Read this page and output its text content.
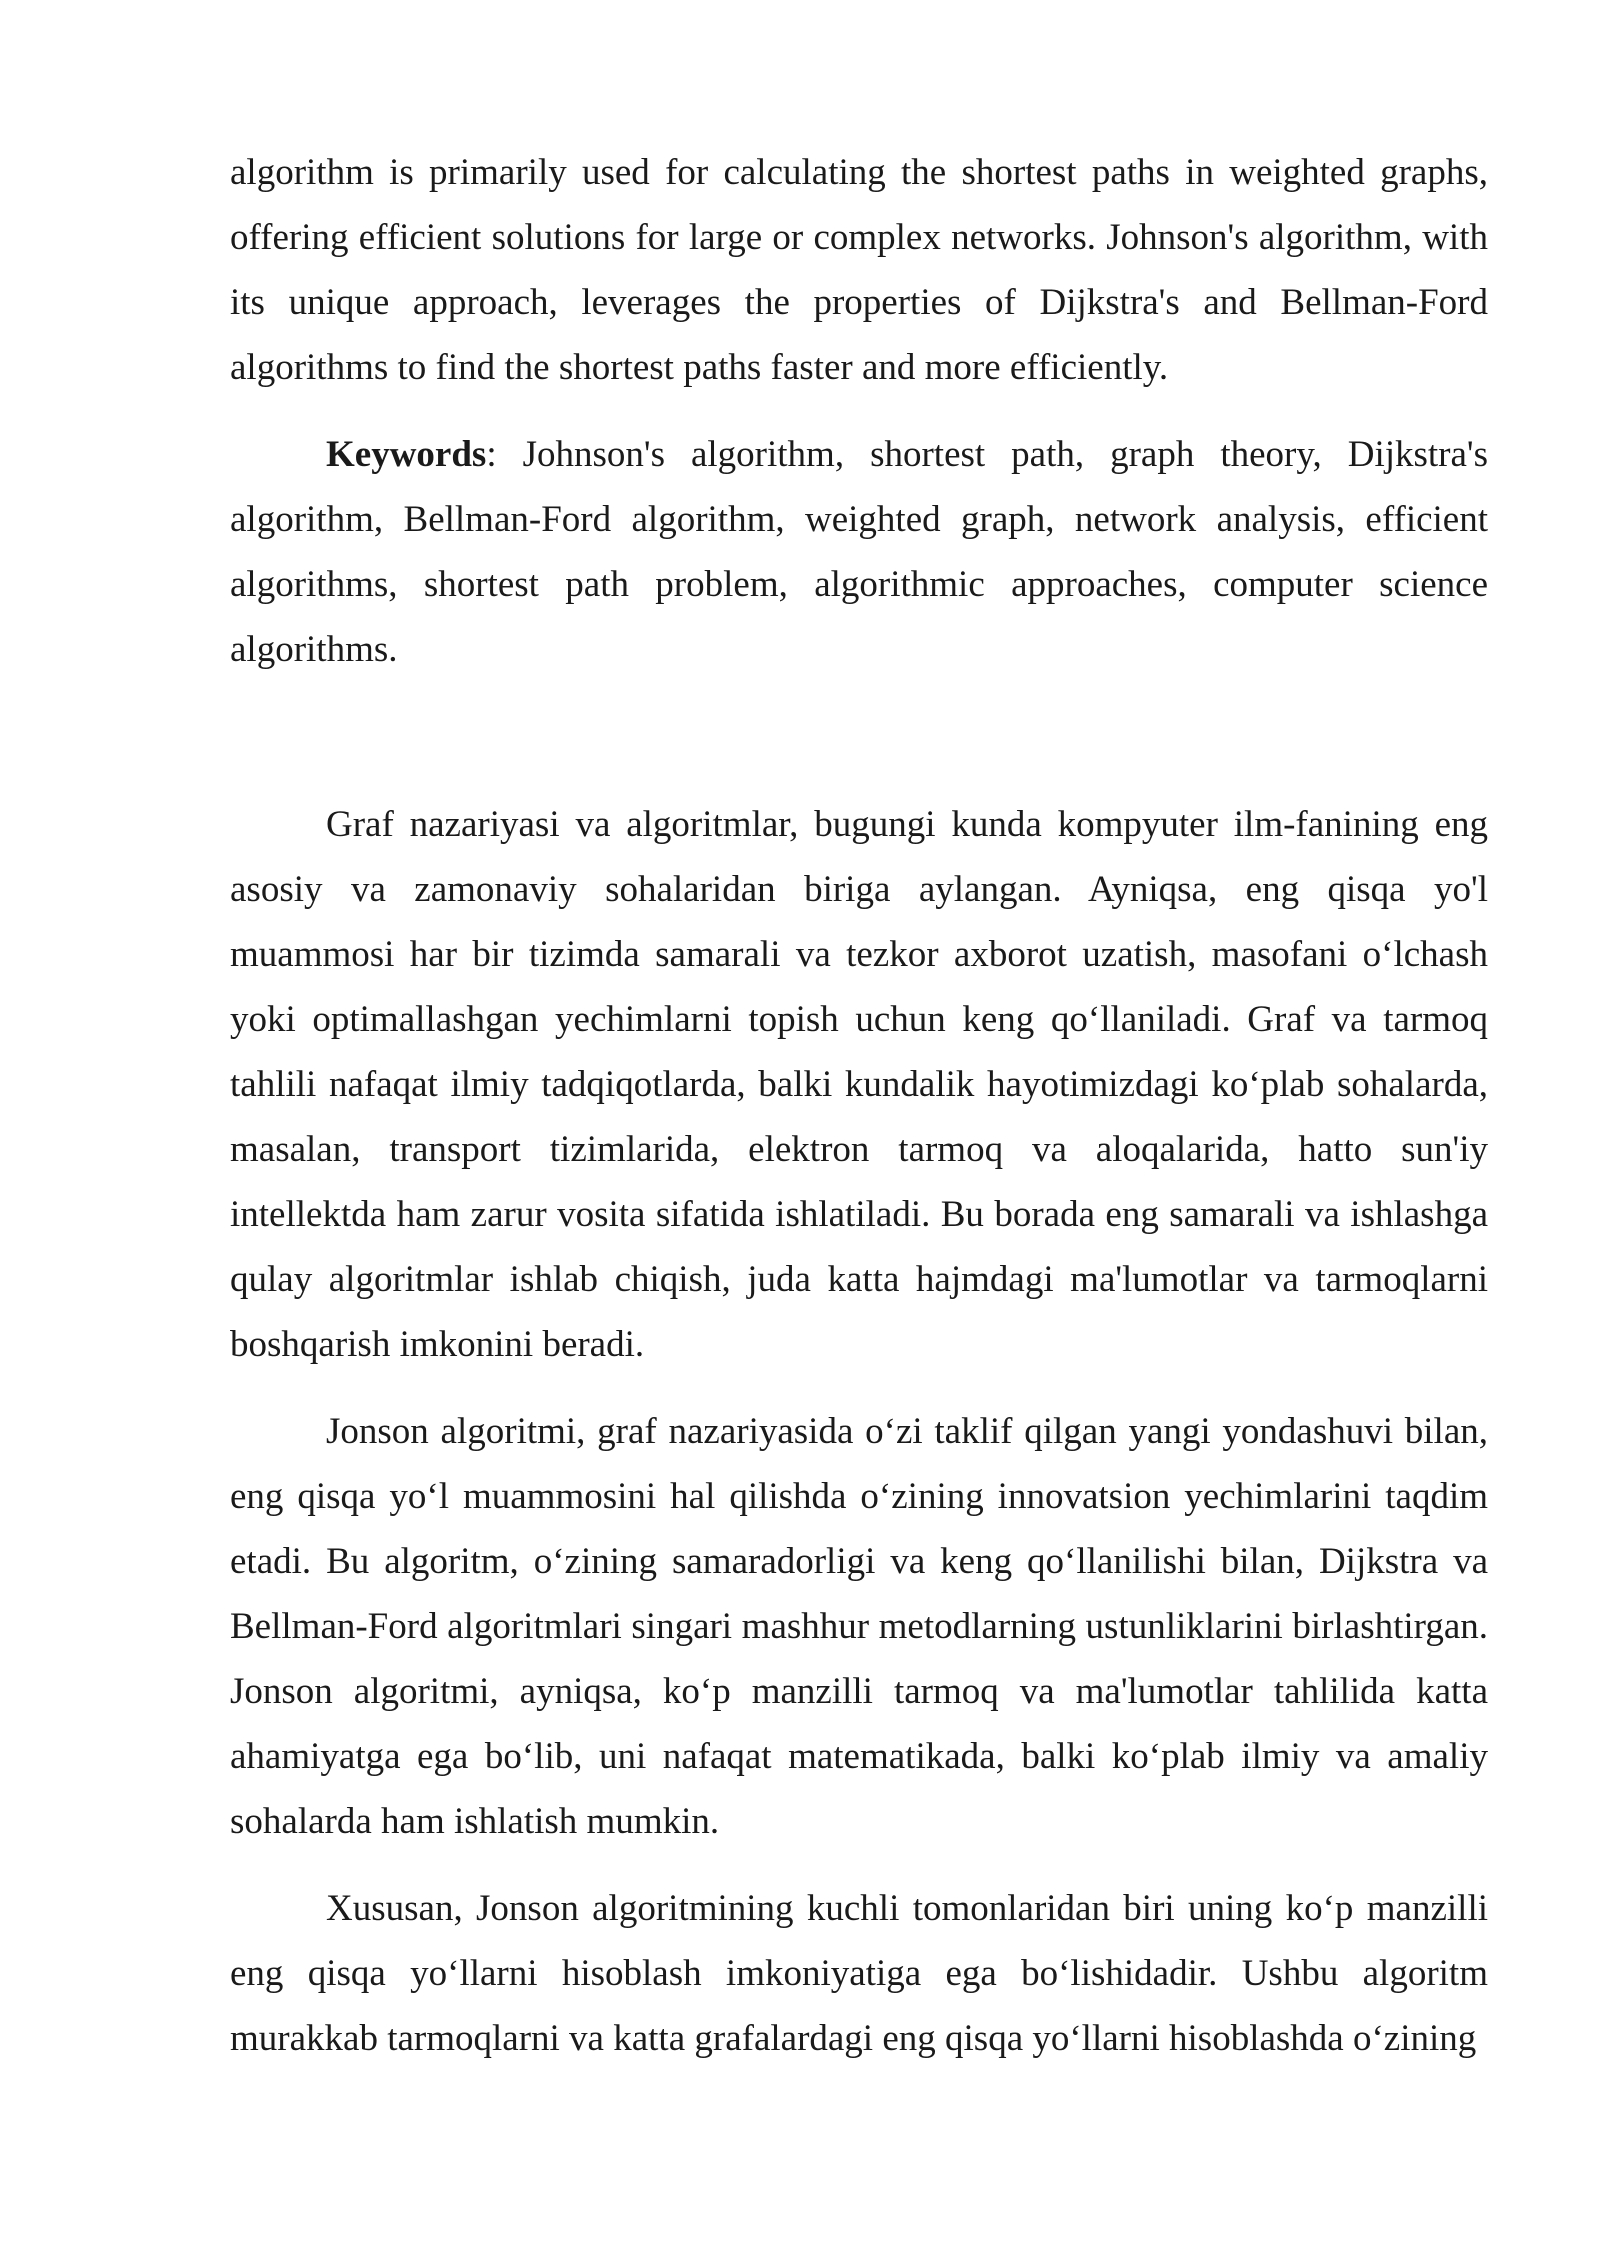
algorithm is primarily used for calculating the shortest paths in weighted graphs, offering efficient solutions for large or complex networks. Johnson's algorithm, with its unique approach, leverages the properties of Dijkstra's and Bellman-Ford algorithms to find the shortest paths faster and more efficiently.

Keywords: Johnson's algorithm, shortest path, graph theory, Dijkstra's algorithm, Bellman-Ford algorithm, weighted graph, network analysis, efficient algorithms, shortest path problem, algorithmic approaches, computer science algorithms.

Graf nazariyasi va algoritmlar, bugungi kunda kompyuter ilm-fanining eng asosiy va zamonaviy sohalaridan biriga aylangan. Ayniqsa, eng qisqa yo'l muammosi har bir tizimda samarali va tezkor axborot uzatish, masofani o‘lchash yoki optimallashgan yechimlarni topish uchun keng qo‘llaniladi. Graf va tarmoq tahlili nafaqat ilmiy tadqiqotlarda, balki kundalik hayotimizdagi ko‘plab sohalarda, masalan, transport tizimlarida, elektron tarmoq va aloqalarida, hatto sun'iy intellektda ham zarur vosita sifatida ishlatiladi. Bu borada eng samarali va ishlashga qulay algoritmlar ishlab chiqish, juda katta hajmdagi ma'lumotlar va tarmoqlarni boshqarish imkonini beradi.

Jonson algoritmi, graf nazariyasida o‘zi taklif qilgan yangi yondashuvi bilan, eng qisqa yo‘l muammosini hal qilishda o‘zining innovatsion yechimlarini taqdim etadi. Bu algoritm, o‘zining samaradorligi va keng qo‘llanilishi bilan, Dijkstra va Bellman-Ford algoritmlari singari mashhur metodlarning ustunliklarini birlashtirgan. Jonson algoritmi, ayniqsa, ko‘p manzilli tarmoq va ma'lumotlar tahlilida katta ahamiyatga ega bo‘lib, uni nafaqat matematikada, balki ko‘plab ilmiy va amaliy sohalarda ham ishlatish mumkin.

Xususan, Jonson algoritmining kuchli tomonlaridan biri uning ko‘p manzilli eng qisqa yo‘llarni hisoblash imkoniyatiga ega bo‘lishidadir. Ushbu algoritm murakkab tarmoqlarni va katta grafalardagi eng qisqa yo‘llarni hisoblashda o‘zining
